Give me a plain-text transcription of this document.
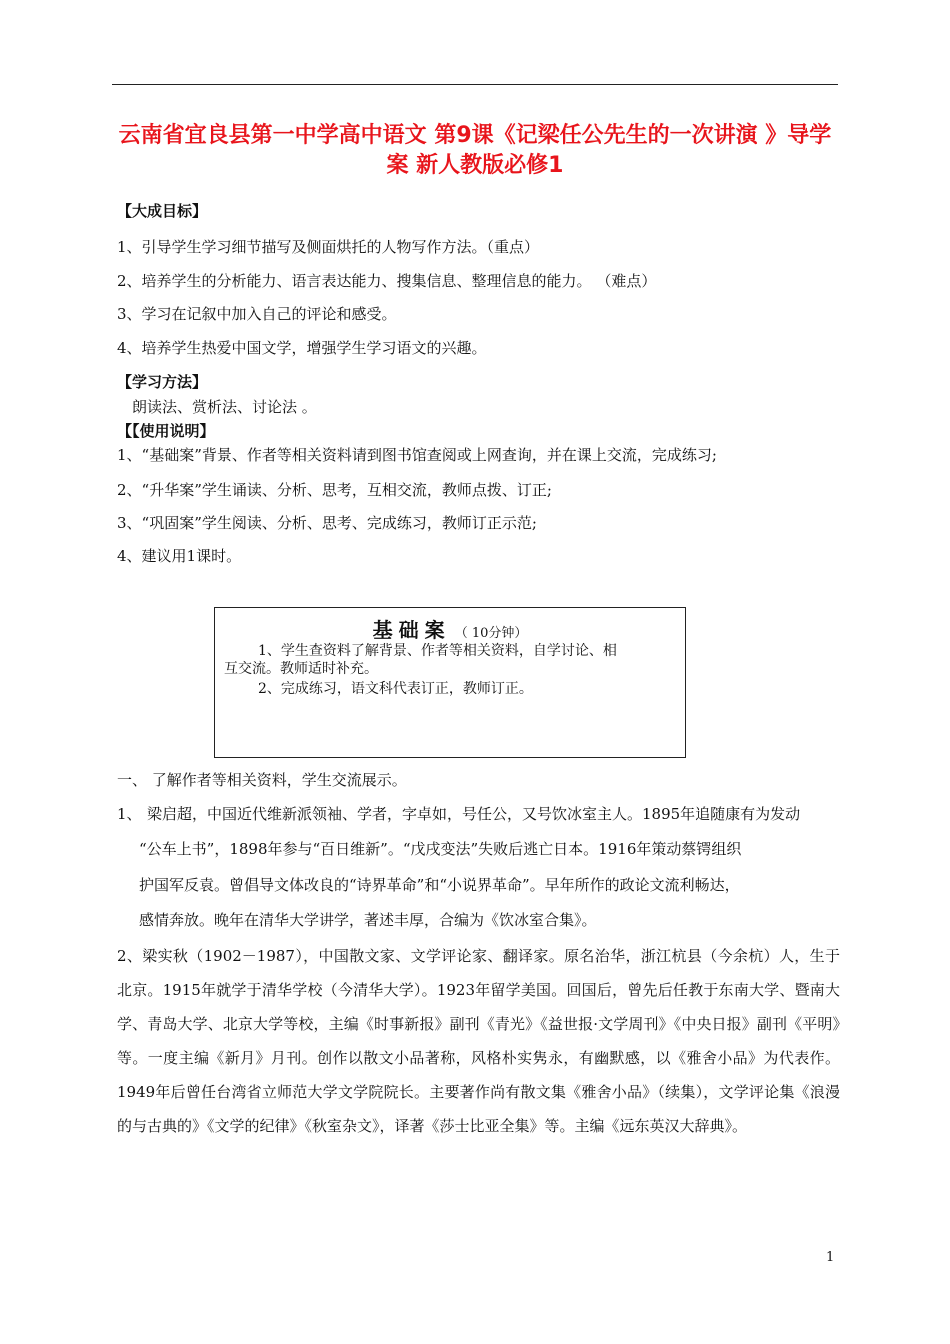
云南省宜良县第一中学高中语文 第9课《记梁任公先生的一次讲演 》导学案 新人教版必修1
【大成目标】
1、引导学生学习细节描写及侧面烘托的人物写作方法。（重点）
2、培养学生的分析能力、语言表达能力、搜集信息、整理信息的能力。 （难点）
3、学习在记叙中加入自己的评论和感受。
4、培养学生热爱中国文学，增强学生学习语文的兴趣。
【学习方法】
朗读法、赏析法、讨论法 。
【【使用说明】
1、“基础案”背景、作者等相关资料请到图书馆查阅或上网查询，并在课上交流，完成练习;
2、“升华案”学生诵读、分析、思考，互相交流，教师点拨、订正;
3、“巩固案”学生阅读、分析、思考、完成练习，教师订正示范;
4、建议用1课时。
基础案 （ 10分钟）
1、学生查资料了解背景、作者等相关资料，自学讨论、相
互交流。教师适时补充。
2、完成练习，语文科代表订正，教师订正。
一、 了解作者等相关资料，学生交流展示。
1、 梁启超，中国近代维新派领袖、学者，字卓如，号任公，又号饮冰室主人。1895年追随康有为发动
“公车上书”，1898年参与“百日维新”。“戊戌变法”失败后逃亡日本。1916年策动蔡锷组织
护国军反袁。曾倡导文体改良的“诗界革命”和“小说界革命”。早年所作的政论文流利畅达，
感情奔放。晚年在清华大学讲学，著述丰厚，合编为《饮冰室合集》。
2、梁实秋（1902－1987），中国散文家、文学评论家、翻译家。原名治华，浙江杭县（今余杭）人，生于北京。1915年就学于清华学校（今清华大学）。1923年留学美国。回国后，曾先后任教于东南大学、暨南大学、青岛大学、北京大学等校，主编《时事新报》副刊《青光》《益世报·文学周刊》《中央日报》副刊《平明》等。一度主编《新月》月刊。创作以散文小品著称，风格朴实隽永，有幽默感，以《雅舍小品》为代表作。1949年后曾任台湾省立师范大学文学院院长。主要著作尚有散文集《雅舍小品》（续集），文学评论集《浪漫的与古典的》《文学的纪律》《秋室杂文》，译著《莎士比亚全集》等。主编《远东英汉大辞典》。
1
